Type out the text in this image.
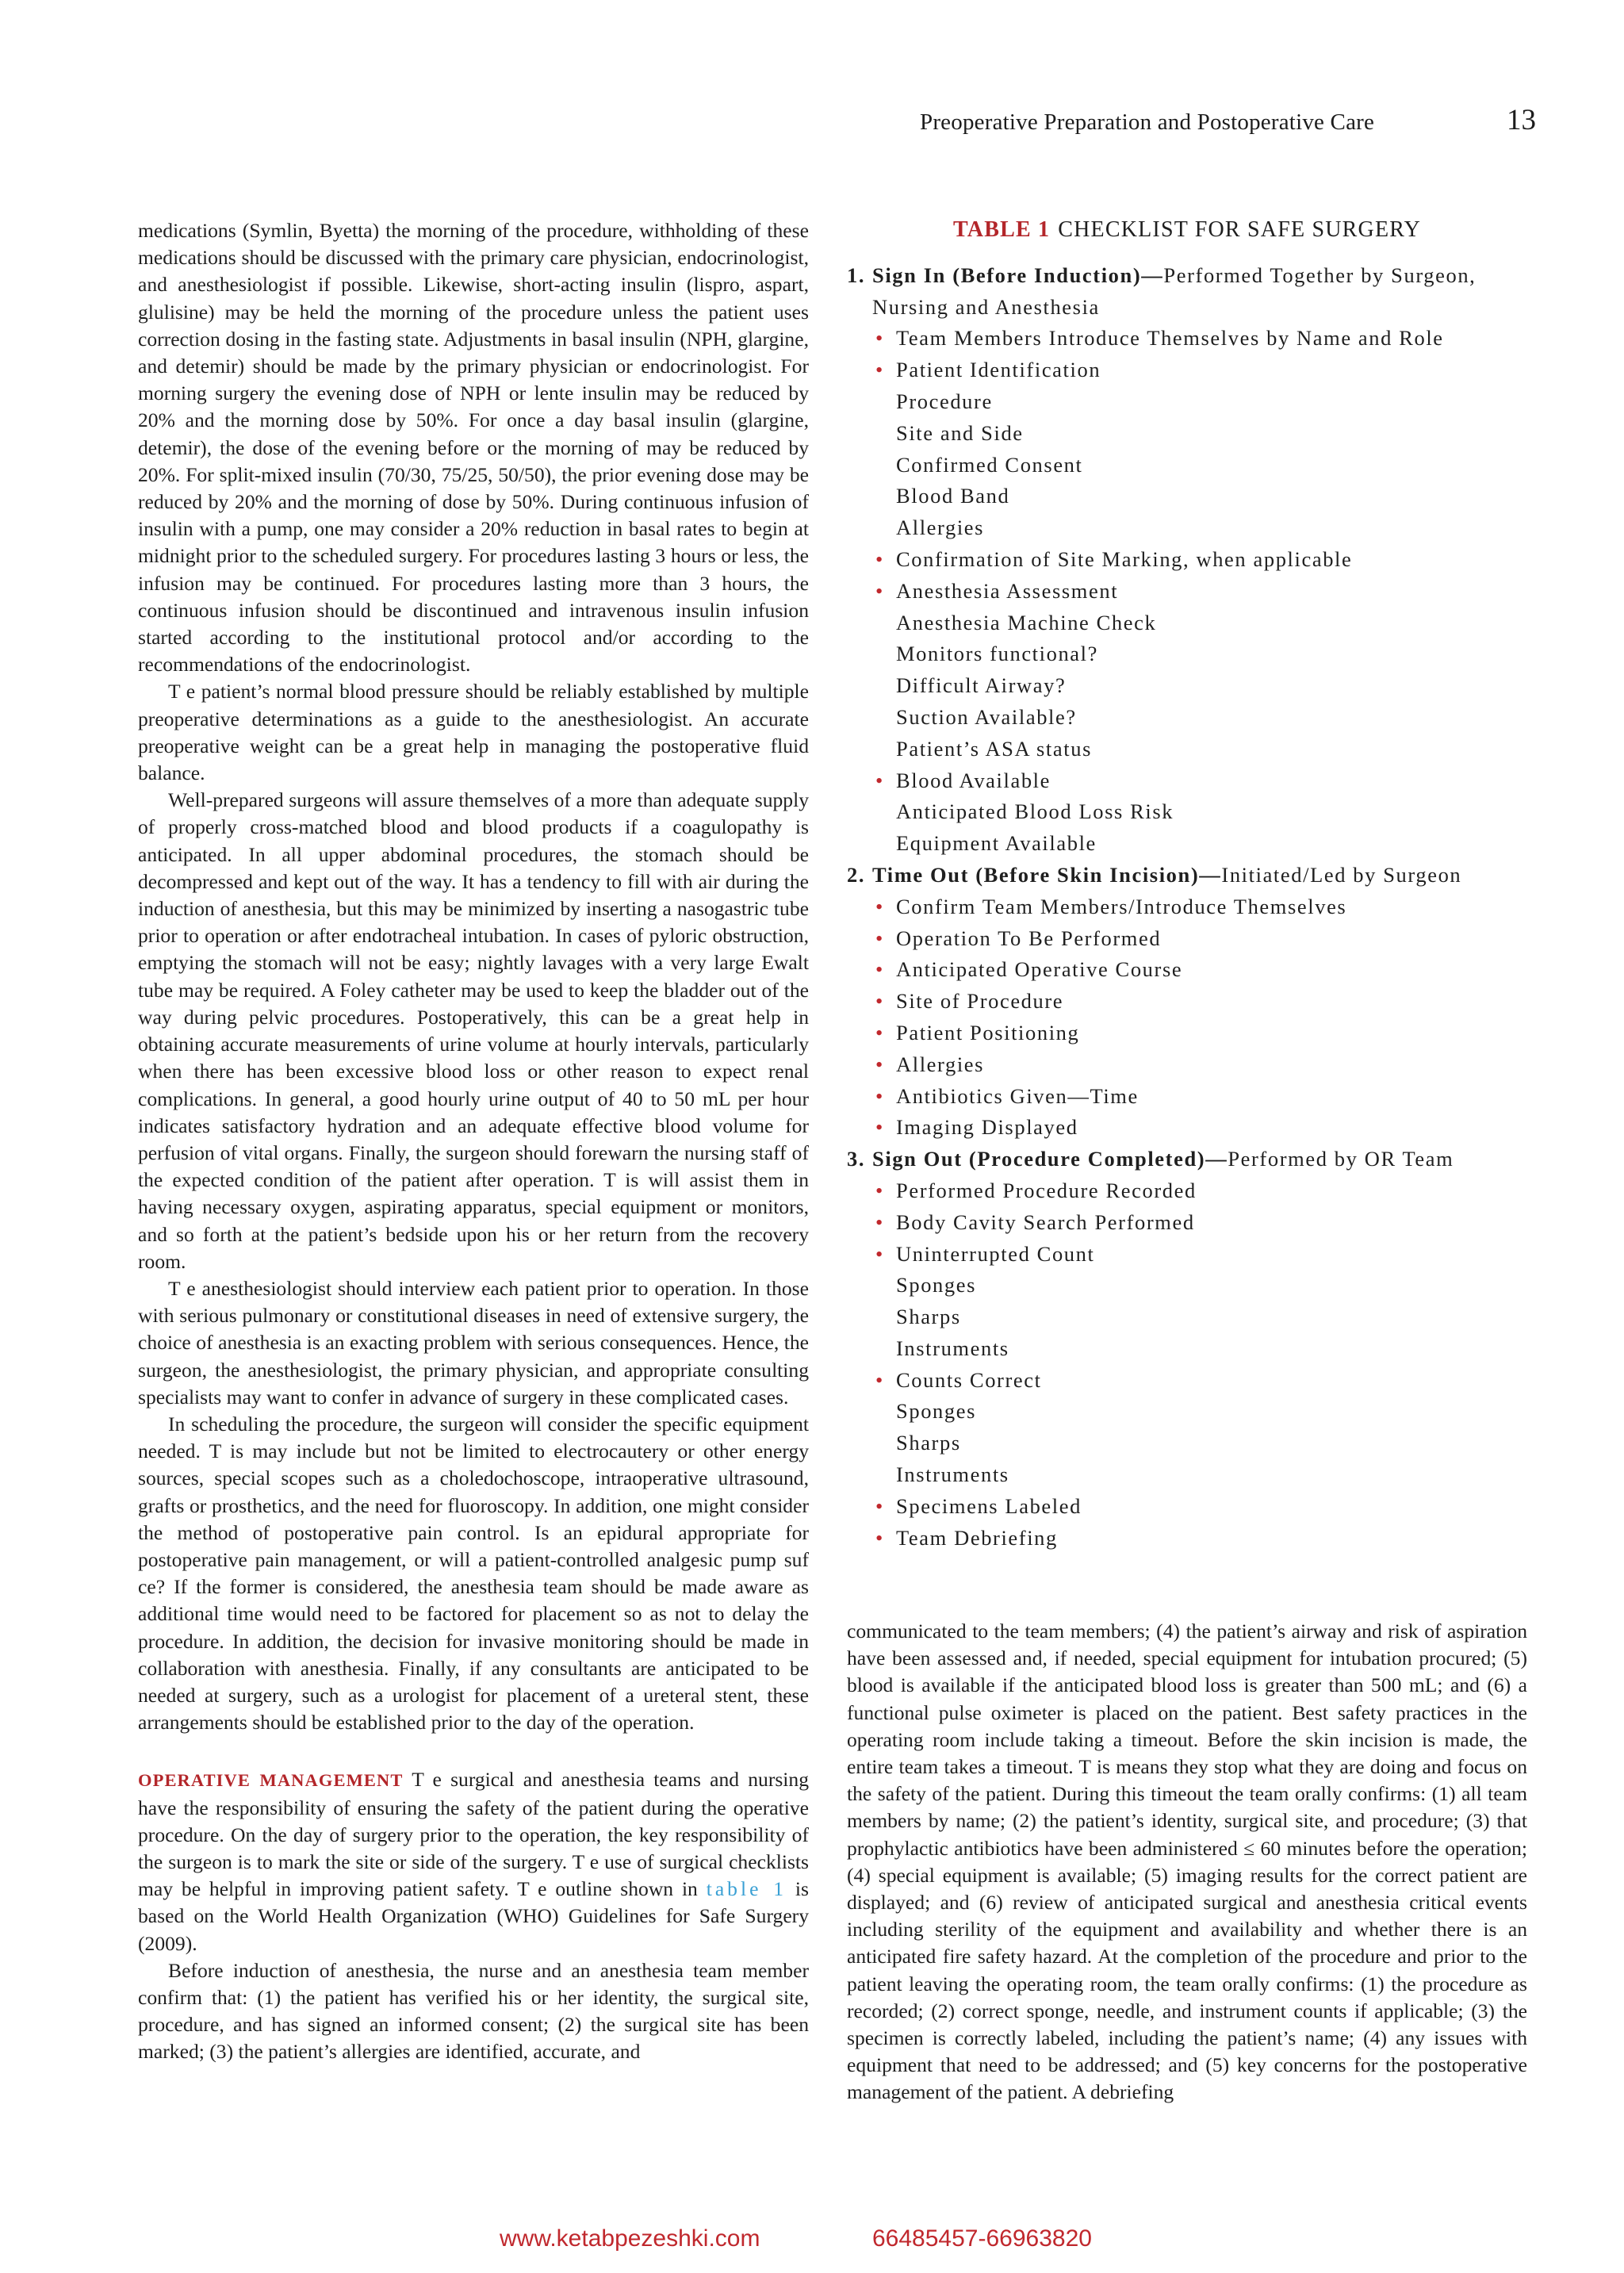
Preoperative Preparation and Postoperative Care	13

medications (Symlin, Byetta) the morning of the procedure, withholding of these medications should be discussed with the primary care physician, endocrinologist, and anesthesiologist if possible. Likewise, short-acting insulin (lispro, aspart, glulisine) may be held the morning of the procedure unless the patient uses correction dosing in the fasting state. Adjustments in basal insulin (NPH, glargine, and detemir) should be made by the primary physician or endocrinologist. For morning surgery the evening dose of NPH or lente insulin may be reduced by 20% and the morning dose by 50%. For once a day basal insulin (glargine, detemir), the dose of the evening before or the morning of may be reduced by 20%. For split-mixed insulin (70/30, 75/25, 50/50), the prior evening dose may be reduced by 20% and the morning of dose by 50%. During continuous infusion of insulin with a pump, one may consider a 20% reduction in basal rates to begin at midnight prior to the scheduled surgery. For procedures lasting 3 hours or less, the infusion may be continued. For procedures lasting more than 3 hours, the continuous infusion should be discontinued and intravenous insulin infusion started according to the institutional protocol and/or according to the recommendations of the endocrinologist.

T e patient’s normal blood pressure should be reliably established by multiple preoperative determinations as a guide to the anesthesiologist. An accurate preoperative weight can be a great help in managing the postoperative fluid balance.

Well-prepared surgeons will assure themselves of a more than adequate supply of properly cross-matched blood and blood products if a coagulopathy is anticipated. In all upper abdominal procedures, the stomach should be decompressed and kept out of the way. It has a tendency to fill with air during the induction of anesthesia, but this may be minimized by inserting a nasogastric tube prior to operation or after endotracheal intubation. In cases of pyloric obstruction, emptying the stomach will not be easy; nightly lavages with a very large Ewalt tube may be required. A Foley catheter may be used to keep the bladder out of the way during pelvic procedures. Postoperatively, this can be a great help in obtaining accurate measurements of urine volume at hourly intervals, particularly when there has been excessive blood loss or other reason to expect renal complications. In general, a good hourly urine output of 40 to 50 mL per hour indicates satisfactory hydration and an adequate effective blood volume for perfusion of vital organs. Finally, the surgeon should forewarn the nursing staff of the expected condition of the patient after operation. T is will assist them in having necessary oxygen, aspirating apparatus, special equipment or monitors, and so forth at the patient’s bedside upon his or her return from the recovery room.

T e anesthesiologist should interview each patient prior to operation. In those with serious pulmonary or constitutional diseases in need of extensive surgery, the choice of anesthesia is an exacting problem with serious consequences. Hence, the surgeon, the anesthesiologist, the primary physician, and appropriate consulting specialists may want to confer in advance of surgery in these complicated cases.

In scheduling the procedure, the surgeon will consider the specific equipment needed. T is may include but not be limited to electrocautery or other energy sources, special scopes such as a choledochoscope, intraoperative ultrasound, grafts or prosthetics, and the need for fluoroscopy. In addition, one might consider the method of postoperative pain control. Is an epidural appropriate for postoperative pain management, or will a patient-controlled analgesic pump suf ce? If the former is considered, the anesthesia team should be made aware as additional time would need to be factored for placement so as not to delay the procedure. In addition, the decision for invasive monitoring should be made in collaboration with anesthesia. Finally, if any consultants are anticipated to be needed at surgery, such as a urologist for placement of a ureteral stent, these arrangements should be established prior to the day of the operation.

OPERATIVE MANAGEMENT T e surgical and anesthesia teams and nursing have the responsibility of ensuring the safety of the patient during the operative procedure. On the day of surgery prior to the operation, the key responsibility of the surgeon is to mark the site or side of the surgery. T e use of surgical checklists may be helpful in improving patient safety. T e outline shown in table 1 is based on the World Health Organization (WHO) Guidelines for Safe Surgery (2009).

Before induction of anesthesia, the nurse and an anesthesia team member confirm that: (1) the patient has verified his or her identity, the surgical site, procedure, and has signed an informed consent; (2) the surgical site has been marked; (3) the patient’s allergies are identified, accurate, and

TABLE 1 CHECKLIST FOR SAFE SURGERY
1. Sign In (Before Induction)—Performed Together by Surgeon, Nursing and Anesthesia
• Team Members Introduce Themselves by Name and Role
• Patient Identification
Procedure
Site and Side
Confirmed Consent
Blood Band
Allergies
• Confirmation of Site Marking, when applicable
• Anesthesia Assessment
Anesthesia Machine Check
Monitors functional?
Difficult Airway?
Suction Available?
Patient’s ASA status
• Blood Available
Anticipated Blood Loss Risk
Equipment Available
2. Time Out (Before Skin Incision)—Initiated/Led by Surgeon
• Confirm Team Members/Introduce Themselves
• Operation To Be Performed
• Anticipated Operative Course
• Site of Procedure
• Patient Positioning
• Allergies
• Antibiotics Given—Time
• Imaging Displayed
3. Sign Out (Procedure Completed)—Performed by OR Team
• Performed Procedure Recorded
• Body Cavity Search Performed
• Uninterrupted Count
Sponges
Sharps
Instruments
• Counts Correct
Sponges
Sharps
Instruments
• Specimens Labeled
• Team Debriefing

communicated to the team members; (4) the patient’s airway and risk of aspiration have been assessed and, if needed, special equipment for intubation procured; (5) blood is available if the anticipated blood loss is greater than 500 mL; and (6) a functional pulse oximeter is placed on the patient. Best safety practices in the operating room include taking a timeout. Before the skin incision is made, the entire team takes a timeout. T is means they stop what they are doing and focus on the safety of the patient. During this timeout the team orally confirms: (1) all team members by name; (2) the patient’s identity, surgical site, and procedure; (3) that prophylactic antibiotics have been administered ≤ 60 minutes before the operation; (4) special equipment is available; (5) imaging results for the correct patient are displayed; and (6) review of anticipated surgical and anesthesia critical events including sterility of the equipment and availability and whether there is an anticipated fire safety hazard. At the completion of the procedure and prior to the patient leaving the operating room, the team orally confirms: (1) the procedure as recorded; (2) correct sponge, needle, and instrument counts if applicable; (3) the specimen is correctly labeled, including the patient’s name; (4) any issues with equipment that need to be addressed; and (5) key concerns for the postoperative management of the patient. A debriefing

www.ketabpezeshki.com	66485457-66963820
